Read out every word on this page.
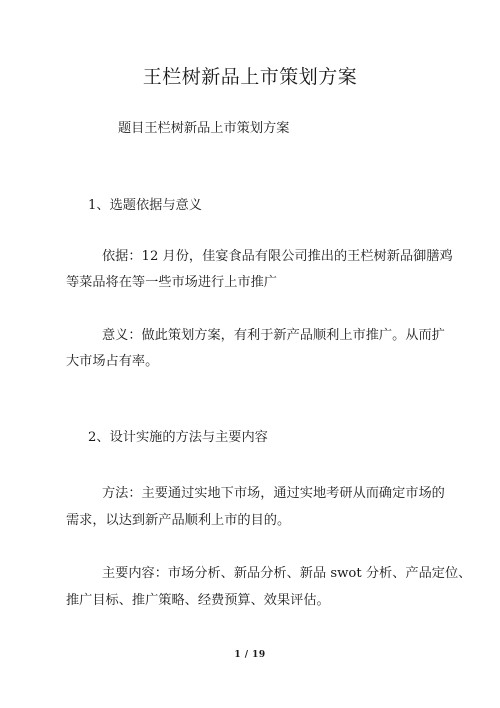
王栏树新品上市策划方案

题目王栏树新品上市策划方案

1、选题依据与意义

依据：12 月份，佳宴食品有限公司推出的王栏树新品御膳鸡

等菜品将在等一些市场进行上市推广

意义：做此策划方案，有利于新产品顺利上市推广。从而扩

大市场占有率。

2、设计实施的方法与主要内容

方法：主要通过实地下市场，通过实地考研从而确定市场的

需求，以达到新产品顺利上市的目的。

主要内容：市场分析、新品分析、新品 swot 分析、产品定位、

推广目标、推广策略、经费预算、效果评估。

1 / 19
